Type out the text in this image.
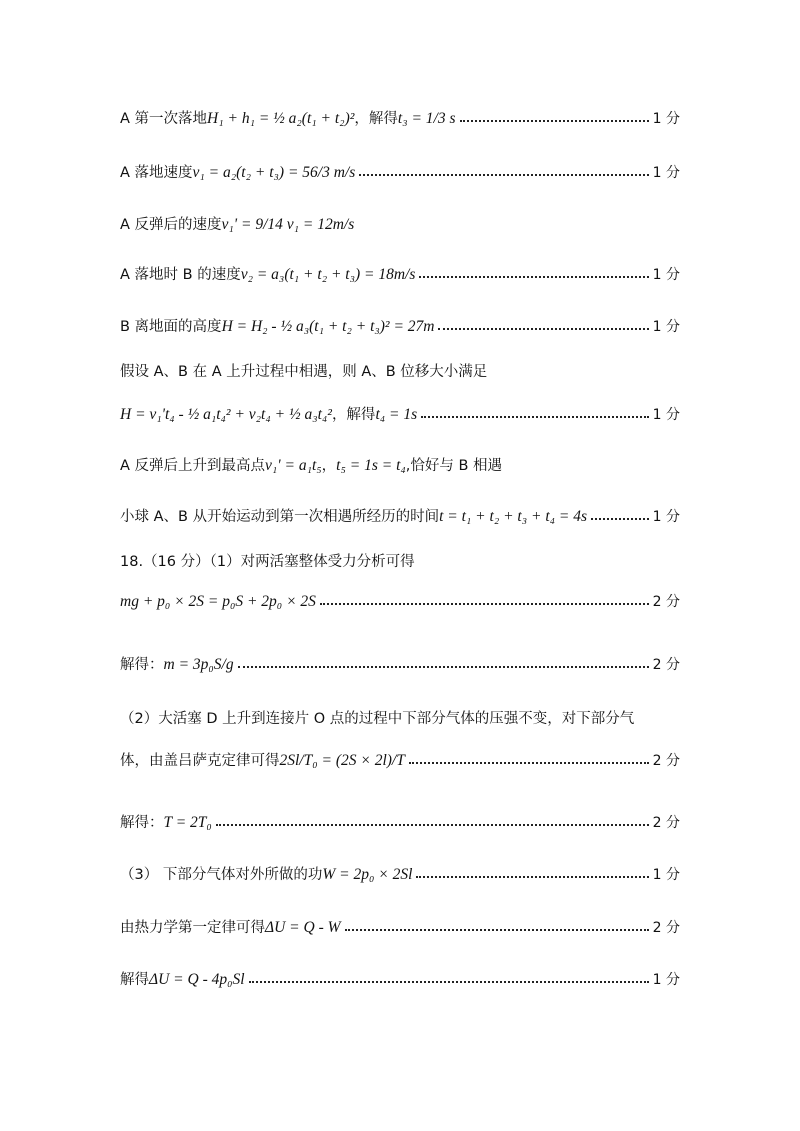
A 第一次落地 H₁ + h₁ = ½ a₂(t₁ + t₂)² ，解得 t₃ = 1/3 s	1 分
A 落地速度 v₁ = a₂(t₂ + t₃) = 56/3 m/s	1 分
A 反弹后的速度 v₁' = 9/14 v₁ = 12m/s
A 落地时 B 的速度 v₂ = a₃(t₁ + t₂ + t₃) = 18m/s	1 分
B 离地面的高度 H = H₂ - ½ a₃(t₁ + t₂ + t₃)² = 27m	1 分
假设 A、B 在 A 上升过程中相遇，则 A、B 位移大小满足
H = v₁'t₄ - ½ a₁t₄² + v₂t₄ + ½ a₃t₄² ，解得 t₄ = 1s	1 分
A 反弹后上升到最高点 v₁' = a₁t₅ ， t₅ = 1s = t₄ ,恰好与 B 相遇
小球 A、B 从开始运动到第一次相遇所经历的时间 t = t₁ + t₂ + t₃ + t₄ = 4s	1 分
18.（16 分）（1）对两活塞整体受力分析可得
mg + p₀ × 2S = p₀S + 2p₀ × 2S	2 分
解得： m = 3p₀S/g	2 分
（2）大活塞 D 上升到连接片 O 点的过程中下部分气体的压强不变，对下部分气
体，由盖吕萨克定律可得 2Sl/T₀ = (2S × 2l)/T	2 分
解得： T = 2T₀	2 分
（3） 下部分气体对外所做的功 W = 2p₀ × 2Sl	1 分
由热力学第一定律可得 ΔU = Q - W	2 分
解得 ΔU = Q - 4p₀Sl	1 分
